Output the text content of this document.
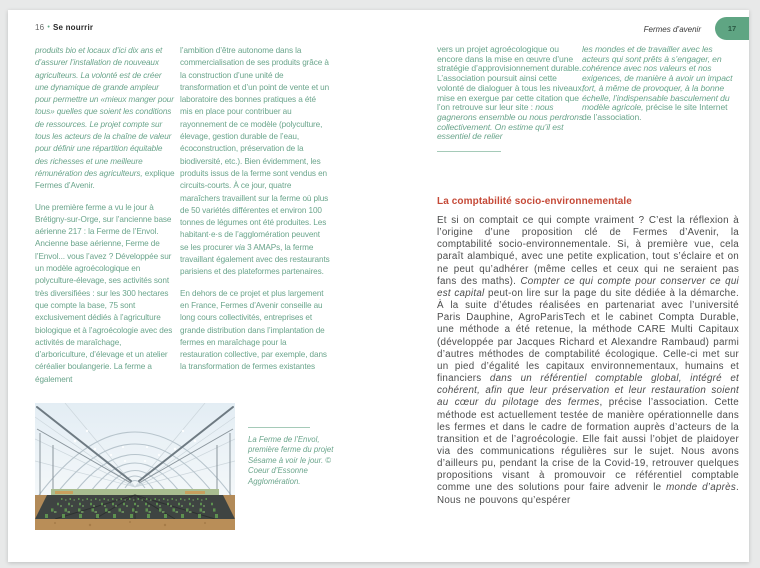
16 • Se nourrir	Fermes d’avenir	17

produits bio et locaux d’ici dix ans et d’assurer l’installation de nouveaux agriculteurs. La volonté est de créer une dynamique de grande ampleur pour permettre un «mieux manger pour tous» quelles que soient les conditions de ressources. Le projet compte sur tous les acteurs de la chaîne de valeur pour définir une répartition équitable des richesses et une meilleure rémunération des agriculteurs, explique Fermes d’Avenir.

Une première ferme a vu le jour à Brétigny-sur-Orge, sur l’ancienne base aérienne 217 : la Ferme de l’Envol. Ancienne base aérienne, Ferme de l’Envol... vous l’avez ? Développée sur un modèle agroécologique en polyculture-élevage, ses activités sont très diversifiées : sur les 300 hectares que compte la base, 75 sont exclusivement dédiés à l’agriculture biologique et à l’agroécologie avec des activités de maraîchage, d’arboriculture, d’élevage et un atelier céréalier boulangerie. La ferme a également

l’ambition d’être autonome dans la commercialisation de ses produits grâce à la construction d’une unité de transformation et d’un point de vente et un laboratoire des bonnes pratiques a été mis en place pour contribuer au rayonnement de ce modèle (polyculture, élevage, gestion durable de l’eau, écoconstruction, préservation de la biodiversité, etc.). Bien évidemment, les produits issus de la ferme sont vendus en circuits-courts. À ce jour, quatre maraîchers travaillent sur la ferme où plus de 50 variétés différentes et environ 100 tonnes de légumes ont été produites. Les habitant·e·s de l’agglomération peuvent se les procurer via 3 AMAPs, la ferme travaillant également avec des restaurants parisiens et des plateformes partenaires.

En dehors de ce projet et plus largement en France, Fermes d’Avenir conseille au long cours collectivités, entreprises et grande distribution dans l’implantation de fermes en maraîchage pour la restauration collective, par exemple, dans la transformation de fermes existantes

La Ferme de l’Envol, première ferme du projet Sésame à voir le jour. © Coeur d’Essonne Agglomération.

vers un projet agroécologique ou encore dans la mise en œuvre d’une stratégie d’approvisionnement durable. L’association poursuit ainsi cette volonté de dialoguer à tous les niveaux, mise en exergue par cette citation que l’on retrouve sur leur site : nous gagnerons ensemble ou nous perdrons collectivement. On estime qu’il est essentiel de relier

les mondes et de travailler avec les acteurs qui sont prêts à s’engager, en cohérence avec nos valeurs et nos exigences, de manière à avoir un impact fort, à même de provoquer, à la bonne échelle, l’indispensable basculement du modèle agricole, précise le site Internet de l’association.

La comptabilité socio-environnementale

Et si on comptait ce qui compte vraiment ? C’est la réflexion à l’origine d’une proposition clé de Fermes d’Avenir, la comptabilité socio-environnementale. Si, à première vue, cela paraît alambiqué, avec une petite explication, tout s’éclaire et on ne peut qu’adhérer (même celles et ceux qui ne seraient pas fans des maths). Compter ce qui compte pour conserver ce qui est capital peut-on lire sur la page du site dédiée à la démarche. À la suite d’études réalisées en partenariat avec l’université Paris Dauphine, AgroParisTech et le cabinet Compta Durable, une méthode a été retenue, la méthode CARE Multi Capitaux (développée par Jacques Richard et Alexandre Rambaud) parmi d’autres méthodes de comptabilité écologique. Celle-ci met sur un pied d’égalité les capitaux environnementaux, humains et financiers dans un référentiel comptable global, intégré et cohérent, afin que leur préservation et leur restauration soient au cœur du pilotage des fermes, précise l’association. Cette méthode est actuellement testée de manière opérationnelle dans les fermes et dans le cadre de formation auprès d’acteurs de la transition et de l’agroécologie. Elle fait aussi l’objet de plaidoyer via des communications régulières sur le sujet. Nous avons d’ailleurs pu, pendant la crise de la Covid-19, retrouver quelques propositions visant à promouvoir ce référentiel comptable comme une des solutions pour faire advenir le monde d’après. Nous ne pouvons qu’espérer
